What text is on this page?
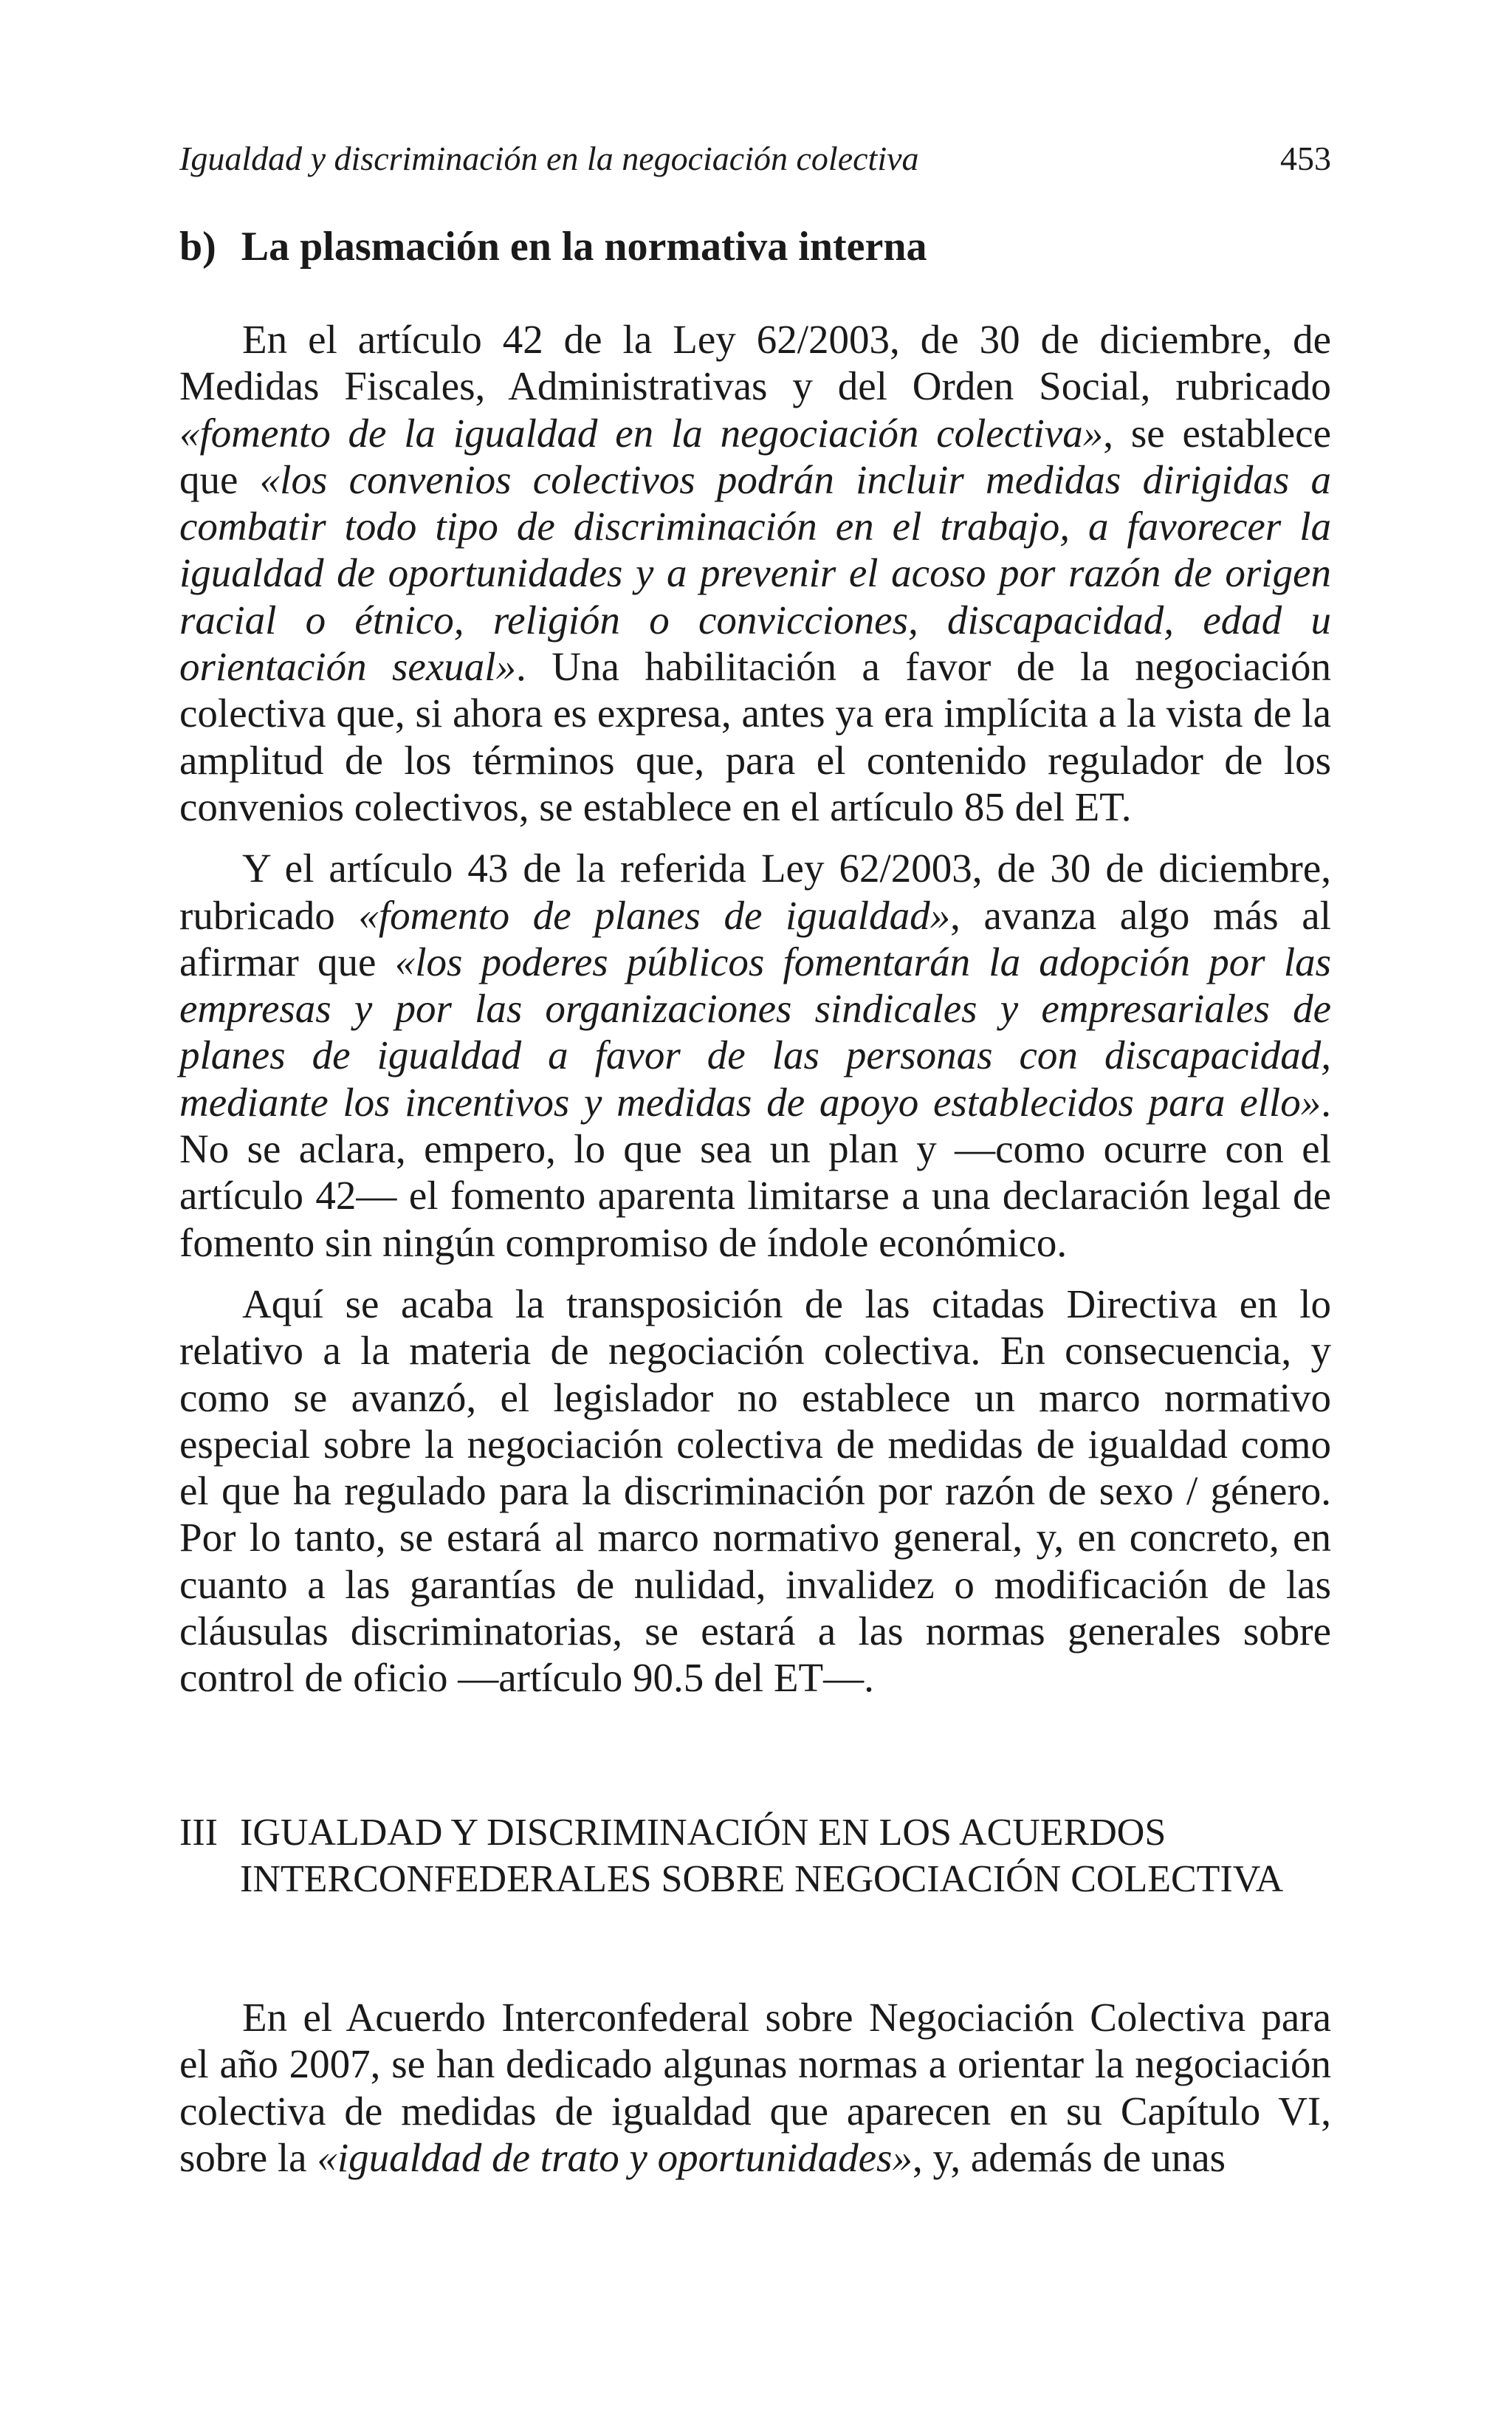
Igualdad y discriminación en la negociación colectiva	453
b) La plasmación en la normativa interna

En el artículo 42 de la Ley 62/2003, de 30 de diciembre, de Medidas Fiscales, Administrativas y del Orden Social, rubricado «fomento de la igualdad en la negociación colectiva», se establece que «los convenios colectivos podrán incluir medidas dirigidas a combatir todo tipo de discriminación en el trabajo, a favorecer la igualdad de oportunidades y a prevenir el acoso por razón de origen racial o étnico, religión o convicciones, discapacidad, edad u orientación sexual». Una habilitación a favor de la negociación colectiva que, si ahora es expresa, antes ya era implícita a la vista de la amplitud de los términos que, para el contenido regulador de los convenios colectivos, se establece en el artículo 85 del ET.

Y el artículo 43 de la referida Ley 62/2003, de 30 de diciembre, rubricado «fomento de planes de igualdad», avanza algo más al afirmar que «los poderes públicos fomentarán la adopción por las empresas y por las organizaciones sindicales y empresariales de planes de igualdad a favor de las personas con discapacidad, mediante los incentivos y medidas de apoyo establecidos para ello». No se aclara, empero, lo que sea un plan y —como ocurre con el artículo 42— el fomento aparenta limitarse a una declaración legal de fomento sin ningún compromiso de índole económico.

Aquí se acaba la transposición de las citadas Directiva en lo relativo a la materia de negociación colectiva. En consecuencia, y como se avanzó, el legislador no establece un marco normativo especial sobre la negociación colectiva de medidas de igualdad como el que ha regulado para la discriminación por razón de sexo / género. Por lo tanto, se estará al marco normativo general, y, en concreto, en cuanto a las garantías de nulidad, invalidez o modificación de las cláusulas discriminatorias, se estará a las normas generales sobre control de oficio —artículo 90.5 del ET—.

III IGUALDAD Y DISCRIMINACIÓN EN LOS ACUERDOS INTERCONFEDERALES SOBRE NEGOCIACIÓN COLECTIVA

En el Acuerdo Interconfederal sobre Negociación Colectiva para el año 2007, se han dedicado algunas normas a orientar la negociación colectiva de medidas de igualdad que aparecen en su Capítulo VI, sobre la «igualdad de trato y oportunidades», y, además de unas
